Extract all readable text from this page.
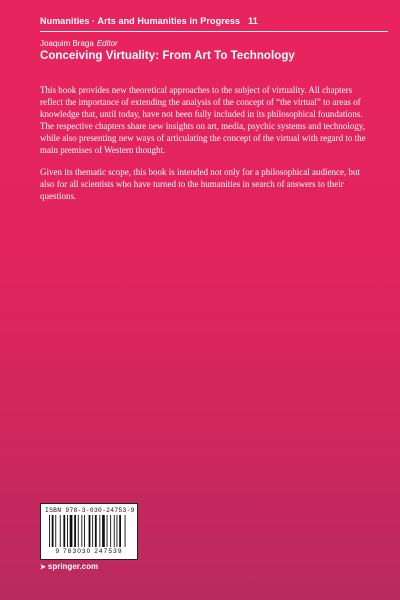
Numanities · Arts and Humanities in Progress 11
Joaquim Braga Editor
Conceiving Virtuality: From Art To Technology

This book provides new theoretical approaches to the subject of virtuality. All chapters reflect the importance of extending the analysis of the concept of “the virtual” to areas of knowledge that, until today, have not been fully included in its philosophical foundations. The respective chapters share new insights on art, media, psychic systems and technology, while also presenting new ways of articulating the concept of the virtual with regard to the main premises of Western thought.

Given its thematic scope, this book is intended not only for a philosophical audience, but also for all scientists who have turned to the humanities in search of answers to their questions.

ISBN 978-3-030-24753-9
9 783030 247539
➤ springer.com
